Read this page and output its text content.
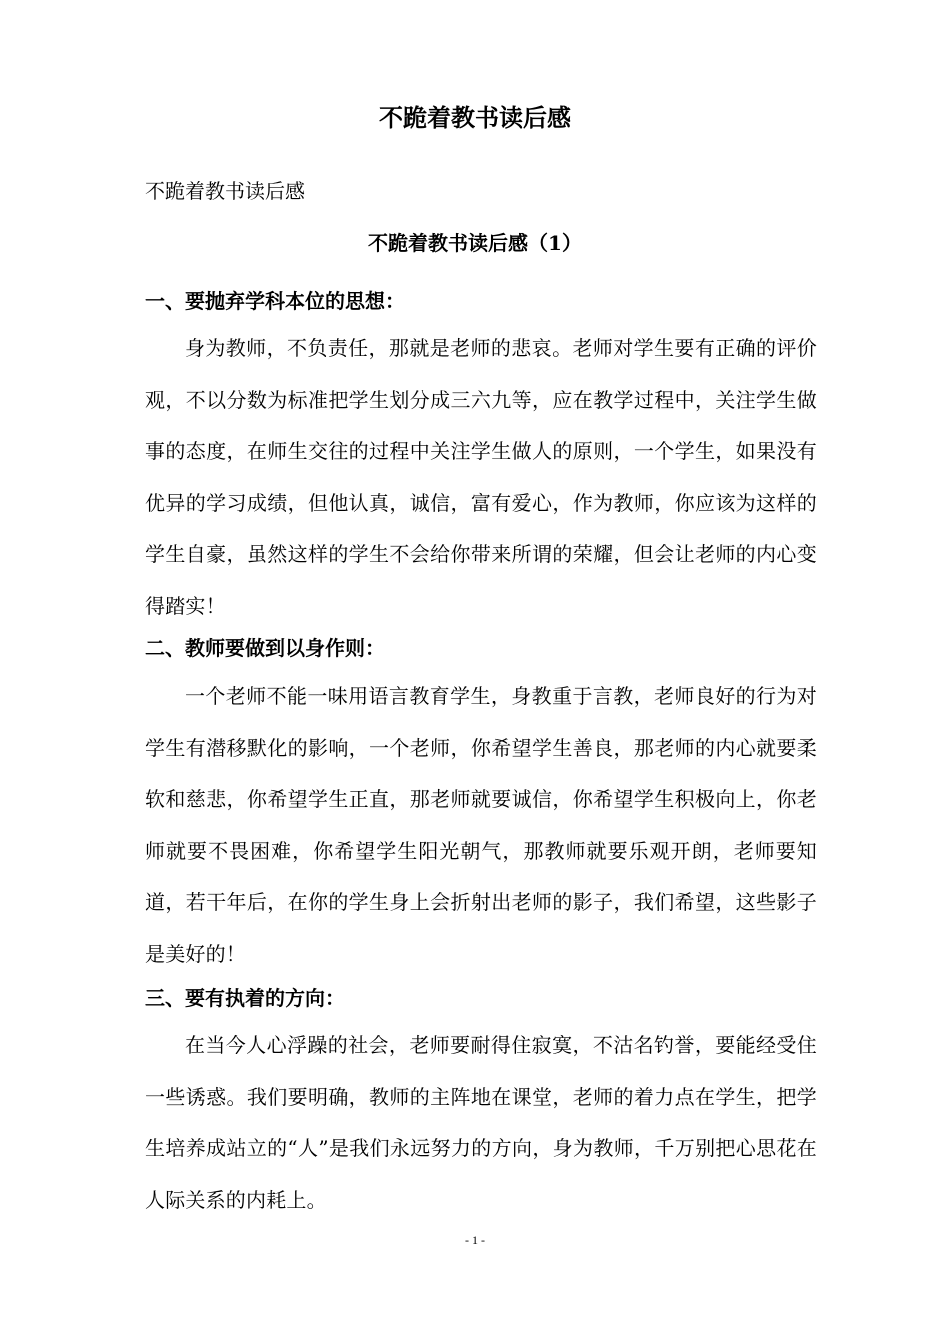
不跪着教书读后感
不跪着教书读后感
不跪着教书读后感（1）
一、要抛弃学科本位的思想：
身为教师，不负责任，那就是老师的悲哀。老师对学生要有正确的评价观，不以分数为标准把学生划分成三六九等，应在教学过程中，关注学生做事的态度，在师生交往的过程中关注学生做人的原则，一个学生，如果没有优异的学习成绩，但他认真，诚信，富有爱心，作为教师，你应该为这样的学生自豪，虽然这样的学生不会给你带来所谓的荣耀，但会让老师的内心变得踏实！
二、教师要做到以身作则：
一个老师不能一味用语言教育学生，身教重于言教，老师良好的行为对学生有潜移默化的影响，一个老师，你希望学生善良，那老师的内心就要柔软和慈悲，你希望学生正直，那老师就要诚信，你希望学生积极向上，你老师就要不畏困难，你希望学生阳光朝气，那教师就要乐观开朗，老师要知道，若干年后，在你的学生身上会折射出老师的影子，我们希望，这些影子是美好的！
三、要有执着的方向：
在当今人心浮躁的社会，老师要耐得住寂寞，不沽名钓誉，要能经受住一些诱惑。我们要明确，教师的主阵地在课堂，老师的着力点在学生，把学生培养成站立的“人”是我们永远努力的方向，身为教师，千万别把心思花在人际关系的内耗上。
- 1 -
